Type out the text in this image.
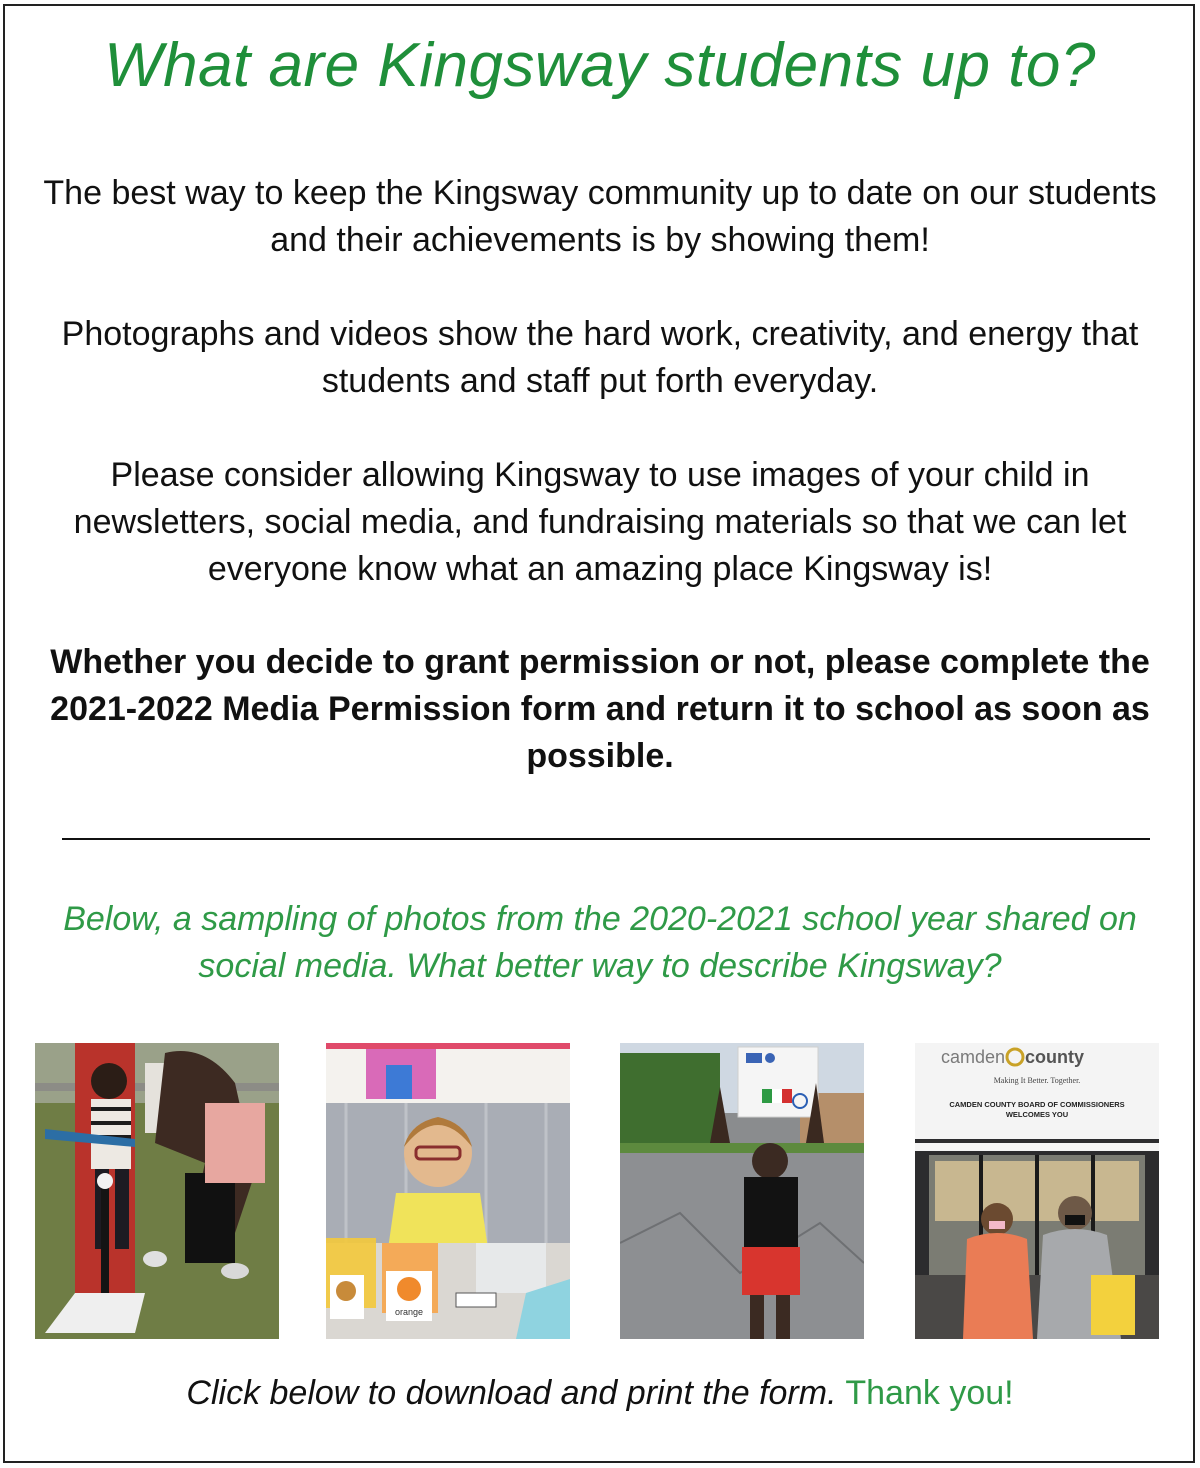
What are Kingsway students up to?
The best way to keep the Kingsway community up to date on our students and their achievements is by showing them!
Photographs and videos show the hard work, creativity, and energy that students and staff put forth everyday.
Please consider allowing Kingsway to use images of your child in newsletters, social media, and fundraising materials so that we can let everyone know what an amazing place Kingsway is!
Whether you decide to grant permission or not, please complete the 2021-2022 Media Permission form and return it to school as soon as possible.
Below, a sampling of photos from the 2020-2021 school year shared on social media. What better way to describe Kingsway?
orange
camden county
Making It Better. Together.
CAMDEN COUNTY BOARD OF COMMISSIONERS
WELCOMES YOU
Click below to download and print the form. Thank you!
